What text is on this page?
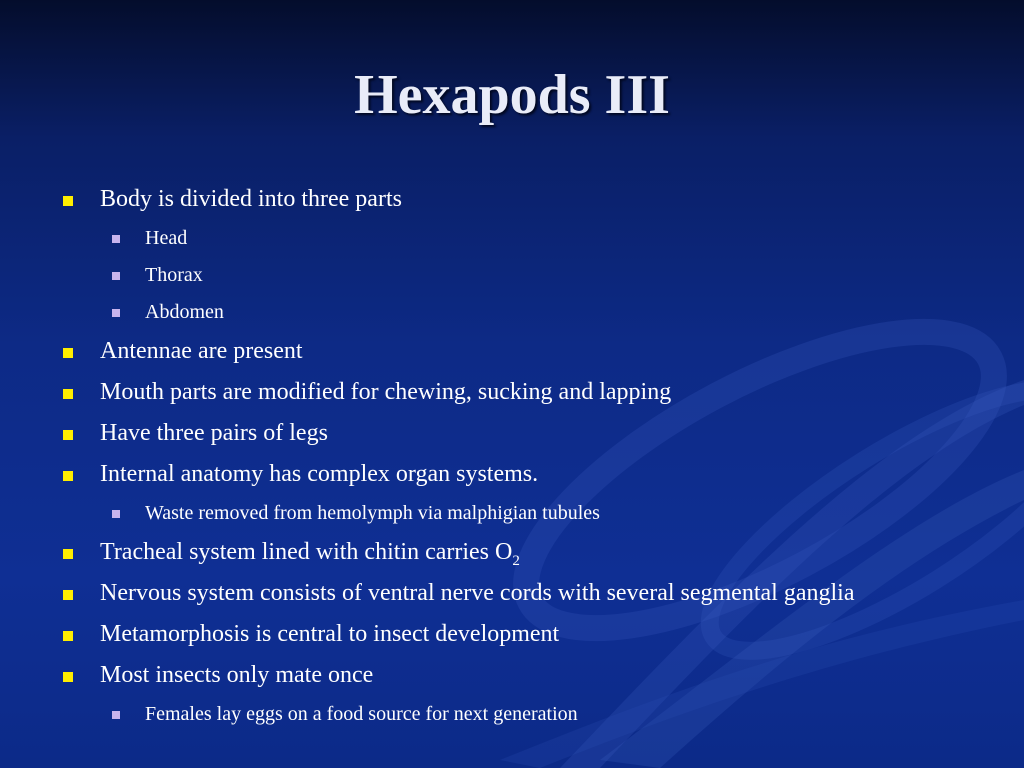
Hexapods III
Body is divided into three parts
Head
Thorax
Abdomen
Antennae are present
Mouth parts are modified for chewing, sucking and lapping
Have three pairs of legs
Internal anatomy has complex organ systems.
Waste removed from hemolymph via malphigian tubules
Tracheal system lined with chitin carries $O_2$
Nervous system consists of ventral nerve cords with several segmental ganglia
Metamorphosis is central to insect development
Most insects only mate once
Females lay eggs on a food source for next generation
